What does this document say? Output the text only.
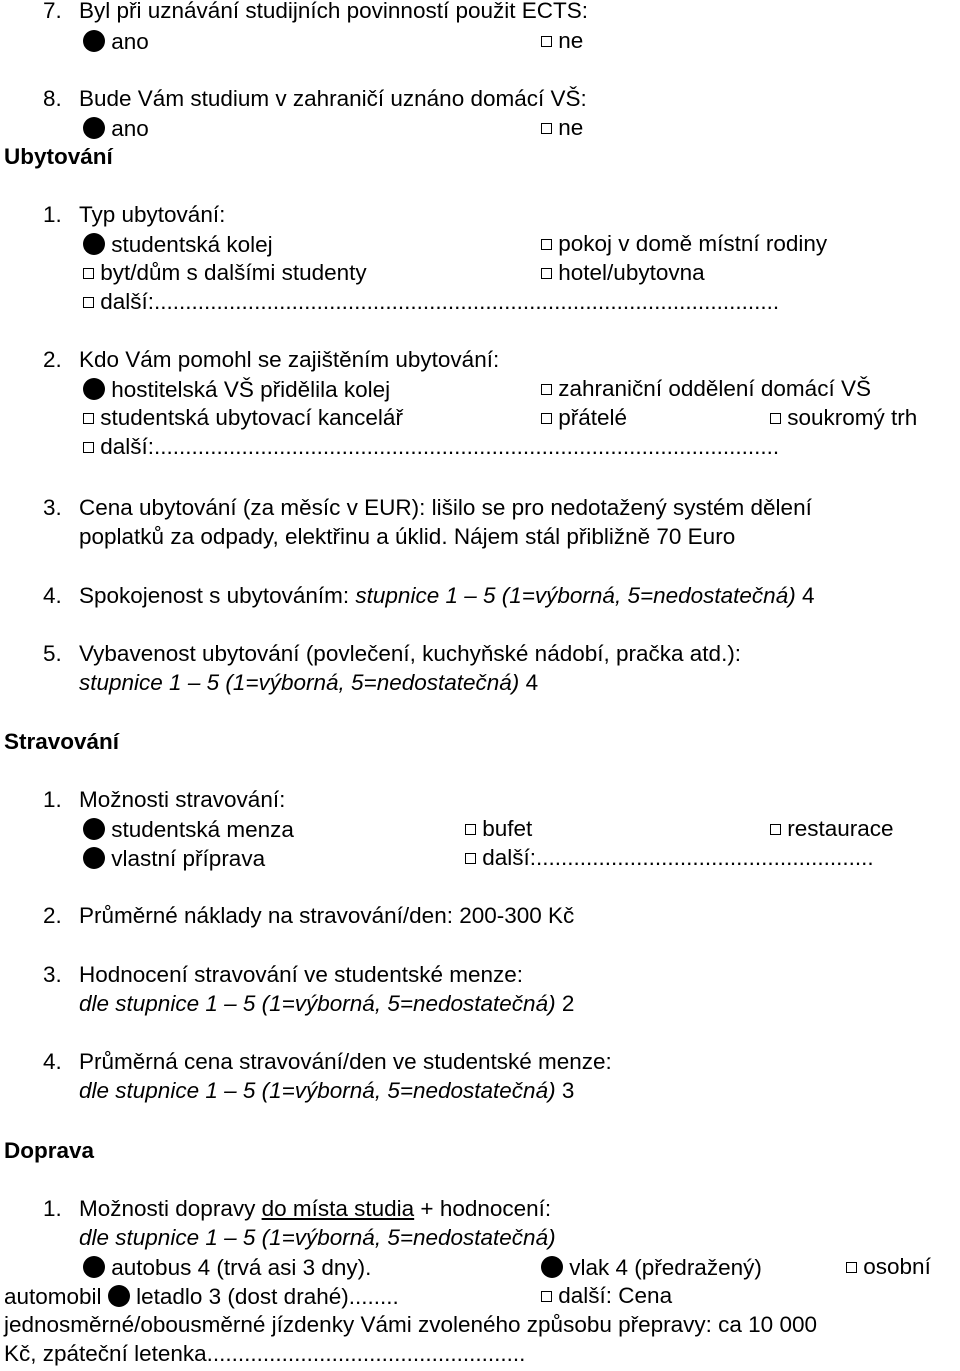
7. Byl při uznávání studijních povinností použit ECTS:
ano	ne
8. Bude Vám studium v zahraničí uznáno domácí VŠ:
ano	ne
Ubytování
1. Typ ubytování:
studentská kolej	pokoj v domě místní rodiny
byt/dům s dalšími studenty	hotel/ubytovna
další:....................................................................................................
2. Kdo Vám pomohl se zajištěním ubytování:
hostitelská VŠ přidělila kolej	zahraniční oddělení domácí VŠ
studentská ubytovací kancelář	přátelé	soukromý trh
další:....................................................................................................
3. Cena ubytování (za měsíc v EUR): lišilo se pro nedotažený systém dělení
poplatků za odpady, elektřinu a úklid. Nájem stál přibližně 70 Euro
4. Spokojenost s ubytováním: stupnice 1 – 5 (1=výborná, 5=nedostatečná) 4
5. Vybavenost ubytování (povlečení, kuchyňské nádobí, pračka atd.):
stupnice 1 – 5 (1=výborná, 5=nedostatečná) 4
Stravování
1. Možnosti stravování:
studentská menza	bufet	restaurace
vlastní příprava	další:......................................................
2. Průměrné náklady na stravování/den: 200-300 Kč
3. Hodnocení stravování ve studentské menze:
dle stupnice 1 – 5 (1=výborná, 5=nedostatečná) 2
4. Průměrná cena stravování/den ve studentské menze:
dle stupnice 1 – 5 (1=výborná, 5=nedostatečná) 3
Doprava
1. Možnosti dopravy do místa studia + hodnocení:
dle stupnice 1 – 5 (1=výborná, 5=nedostatečná)
autobus 4 (trvá asi 3 dny).	vlak 4 (předražený)	osobní
automobil letadlo 3 (dost drahé)........	další: Cena
jednosměrné/obousměrné jízdenky Vámi zvoleného způsobu přepravy: ca 10 000
Kč, zpáteční letenka...................................................
